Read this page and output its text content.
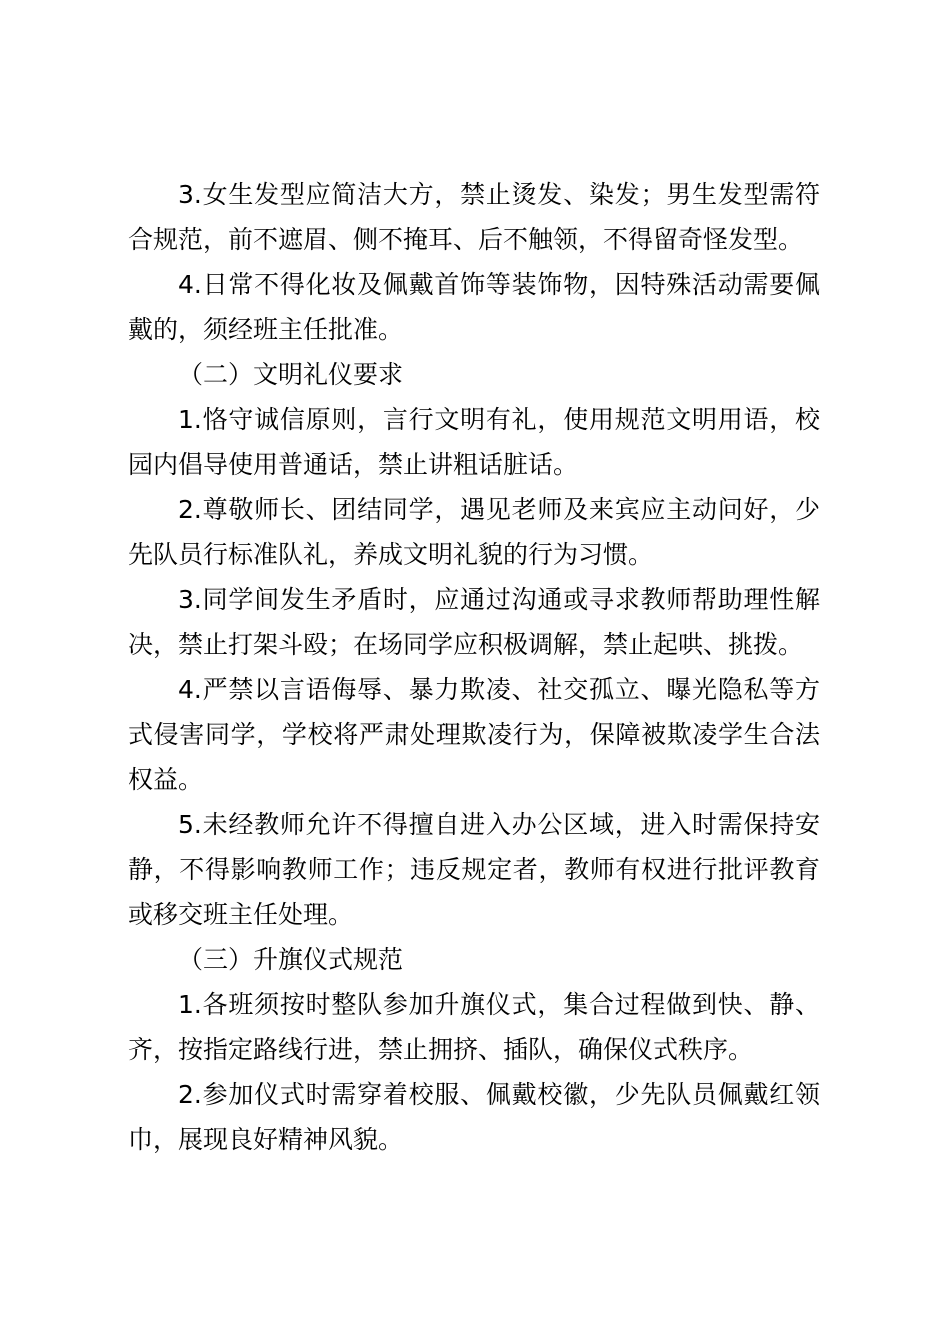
3.女生发型应简洁大方，禁止烫发、染发；男生发型需符合规范，前不遮眉、侧不掩耳、后不触领，不得留奇怪发型。

4.日常不得化妆及佩戴首饰等装饰物，因特殊活动需要佩戴的，须经班主任批准。

（二）文明礼仪要求

1.恪守诚信原则，言行文明有礼，使用规范文明用语，校园内倡导使用普通话，禁止讲粗话脏话。

2.尊敬师长、团结同学，遇见老师及来宾应主动问好，少先队员行标准队礼，养成文明礼貌的行为习惯。

3.同学间发生矛盾时，应通过沟通或寻求教师帮助理性解决，禁止打架斗殴；在场同学应积极调解，禁止起哄、挑拨。

4.严禁以言语侮辱、暴力欺凌、社交孤立、曝光隐私等方式侵害同学，学校将严肃处理欺凌行为，保障被欺凌学生合法权益。

5.未经教师允许不得擅自进入办公区域，进入时需保持安静，不得影响教师工作；违反规定者，教师有权进行批评教育或移交班主任处理。

（三）升旗仪式规范

1.各班须按时整队参加升旗仪式，集合过程做到快、静、齐，按指定路线行进，禁止拥挤、插队，确保仪式秩序。

2.参加仪式时需穿着校服、佩戴校徽，少先队员佩戴红领巾，展现良好精神风貌。
